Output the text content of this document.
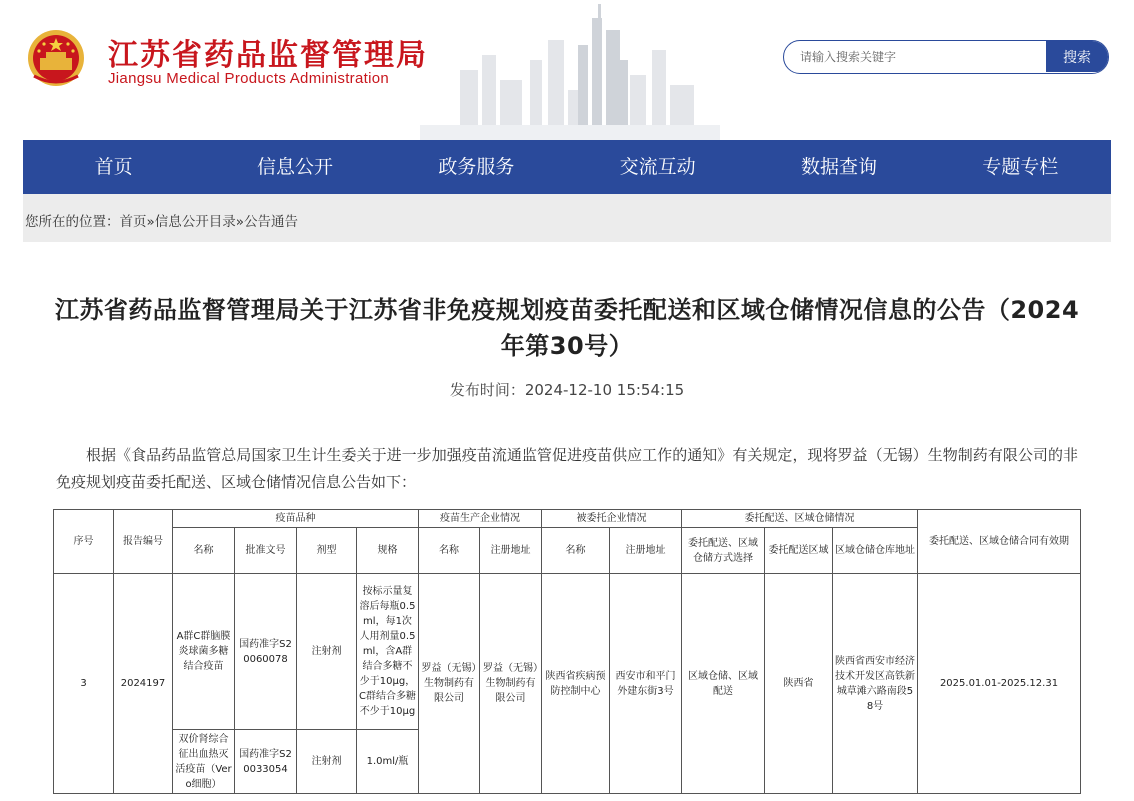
江苏省药品监督管理局
Jiangsu Medical Products Administration
请输入搜索关键字
搜索
首页	信息公开	政务服务	交流互动	数据查询	专题专栏
您所在的位置：首页»信息公开目录»公告通告
江苏省药品监督管理局关于江苏省非免疫规划疫苗委托配送和区域仓储情况信息的公告（2024年第30号）
发布时间：2024-12-10 15:54:15
根据《食品药品监管总局国家卫生计生委关于进一步加强疫苗流通监管促进疫苗供应工作的通知》有关规定，现将罗益（无锡）生物制药有限公司的非免疫规划疫苗委托配送、区域仓储情况信息公告如下：
序号	报告编号	疫苗品种				疫苗生产企业情况		被委托企业情况		委托配送、区域仓储情况			委托配送、区域仓储合同有效期
		名称	批准文号	剂型	规格	名称	注册地址	名称	注册地址	委托配送、区域仓储方式选择	委托配送区域	区域仓储仓库地址	
3	2024197	A群C群脑膜炎球菌多糖结合疫苗	国药准字S20060078	注射剂	按标示量复溶后每瓶0.5ml，每1次人用剂量0.5ml，含A群结合多糖不少于10μg，C群结合多糖不少于10μg	罗益（无锡）生物制药有限公司	罗益（无锡）生物制药有限公司	陕西省疾病预防控制中心	西安市和平门外建东街3号	区域仓储、区域配送	陕西省	陕西省西安市经济技术开发区高铁新城草滩六路南段58号	2025.01.01-2025.12.31
		双价肾综合征出血热灭活疫苗（Vero细胞）	国药准字S20033054	注射剂	1.0ml/瓶								
